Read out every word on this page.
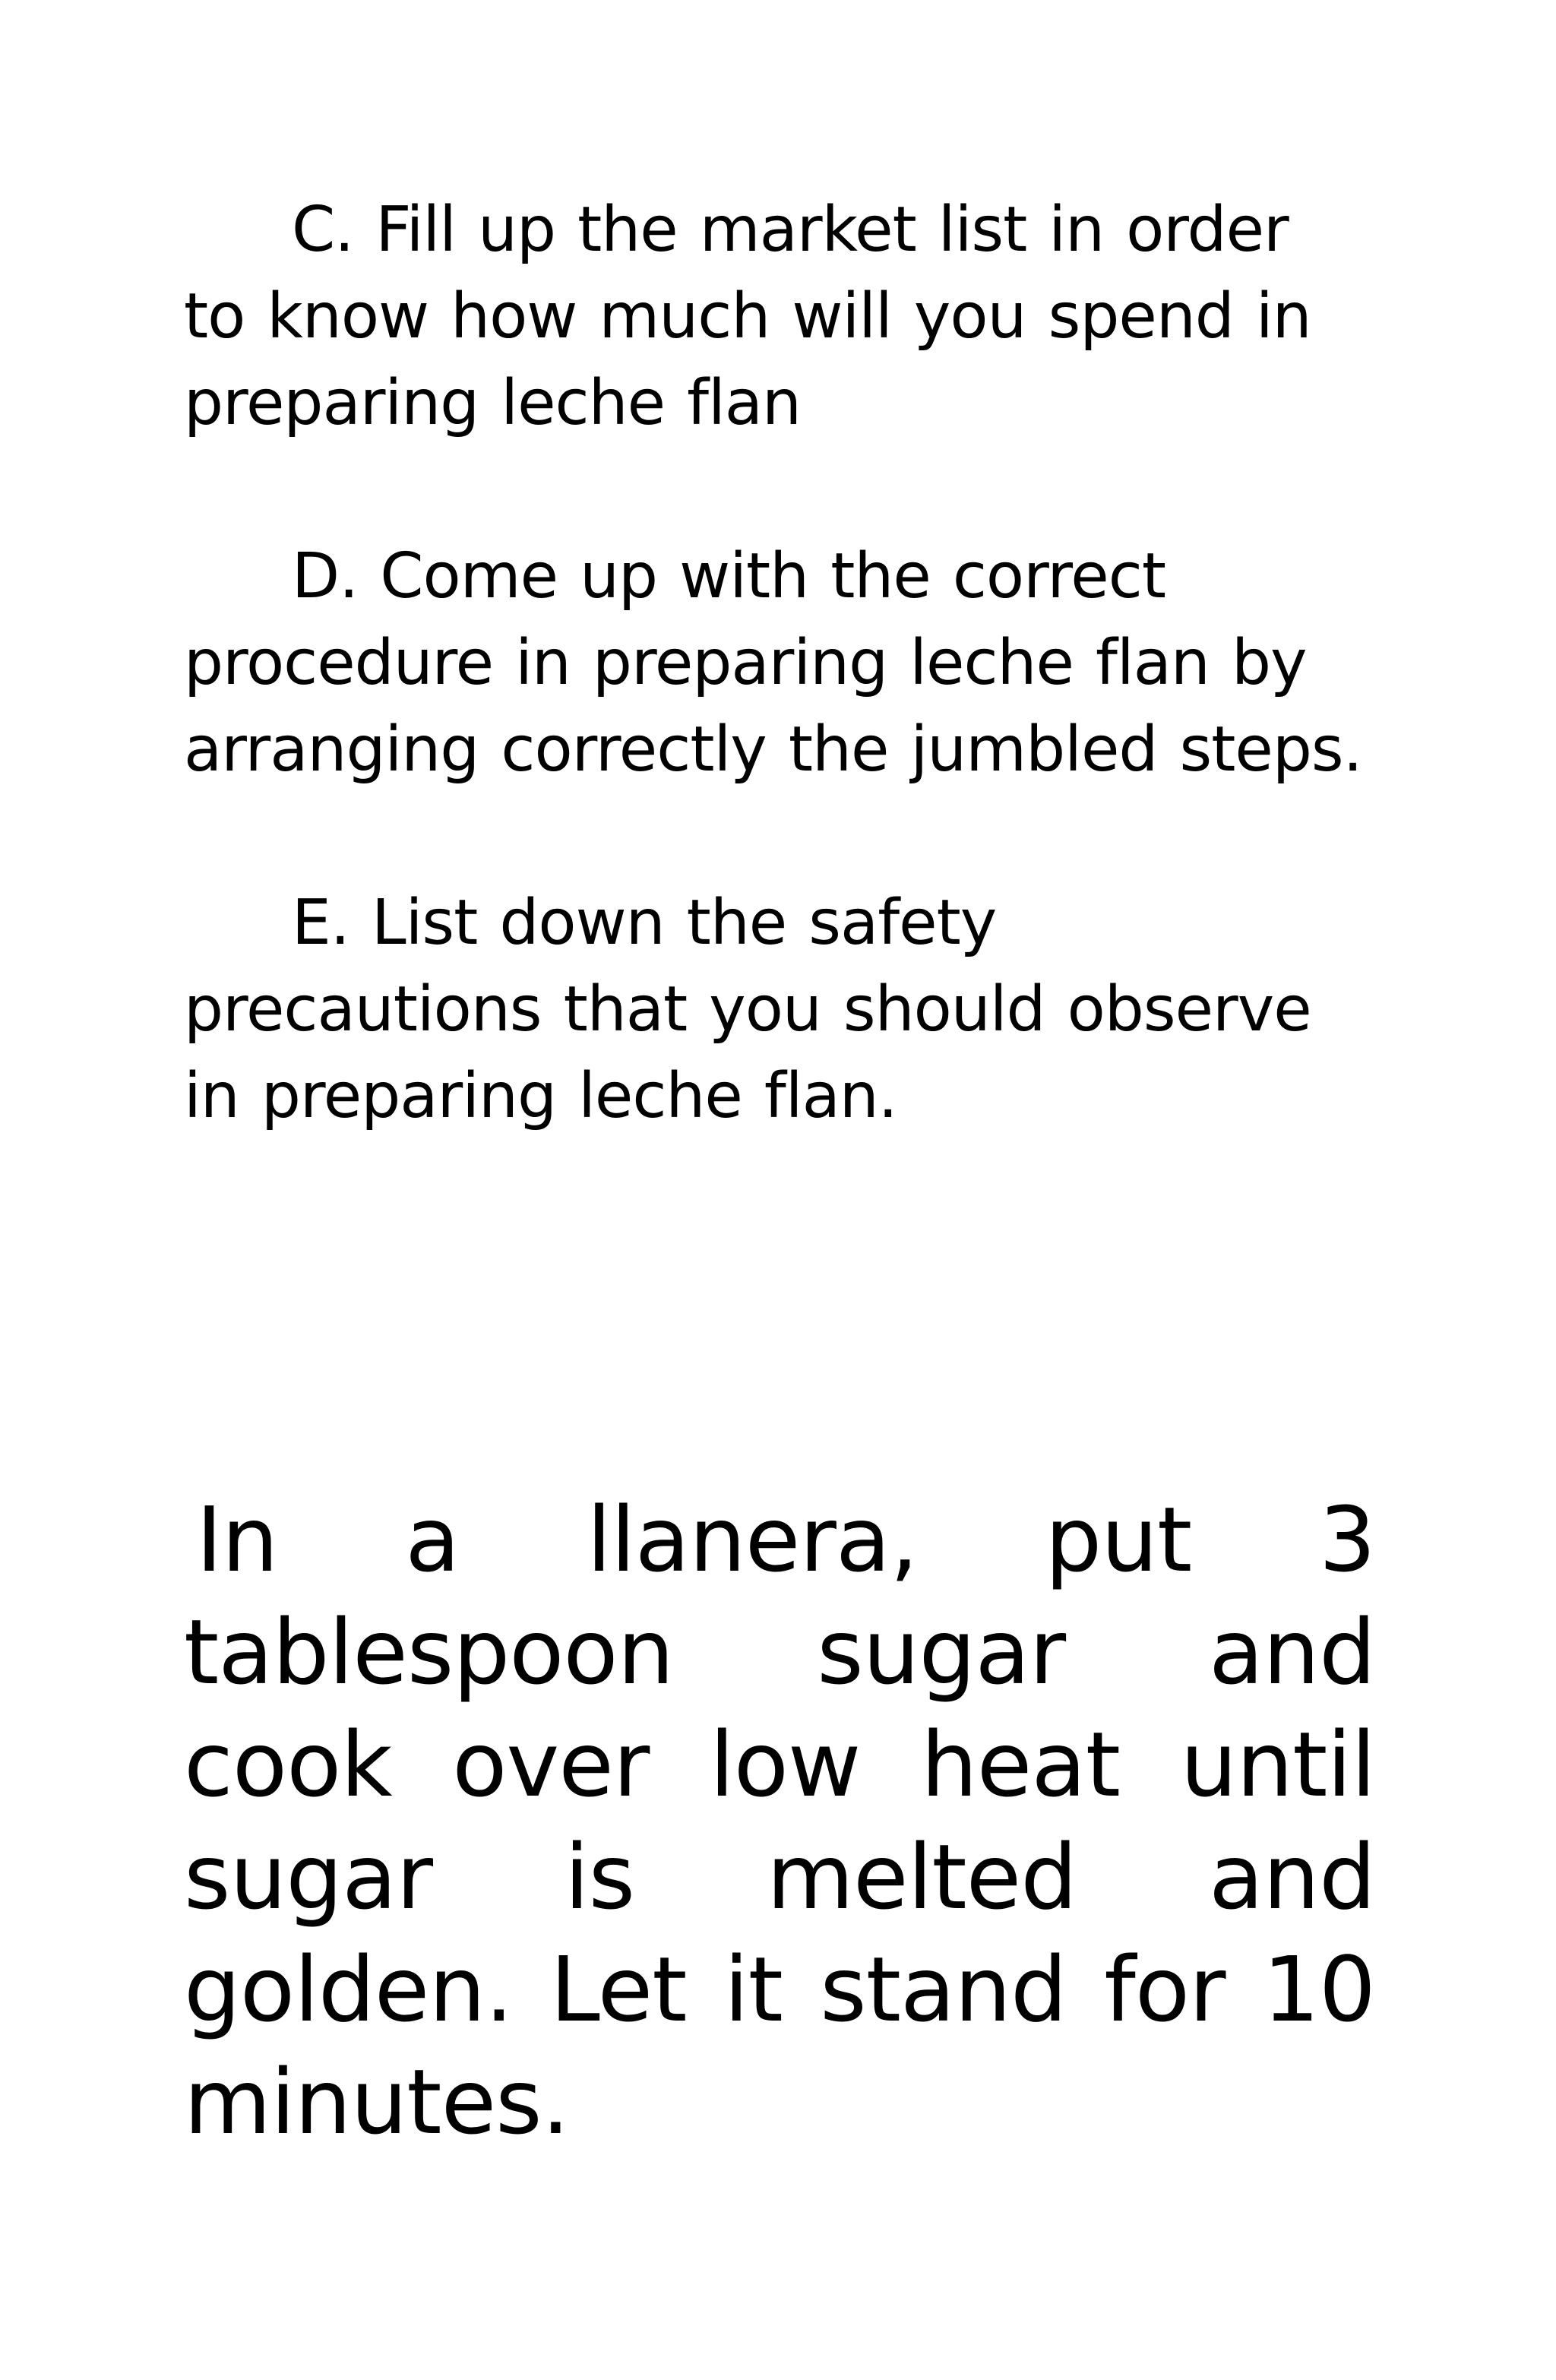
C. Fill up the market list in order to know how much will you spend in preparing leche flan

D. Come up with the correct procedure in preparing leche flan by arranging correctly the jumbled steps.

E. List down the safety precautions that you should observe in preparing leche flan.

In a llanera, put 3 tablespoon sugar and cook over low heat until sugar is melted and golden. Let it stand for 10 minutes.
